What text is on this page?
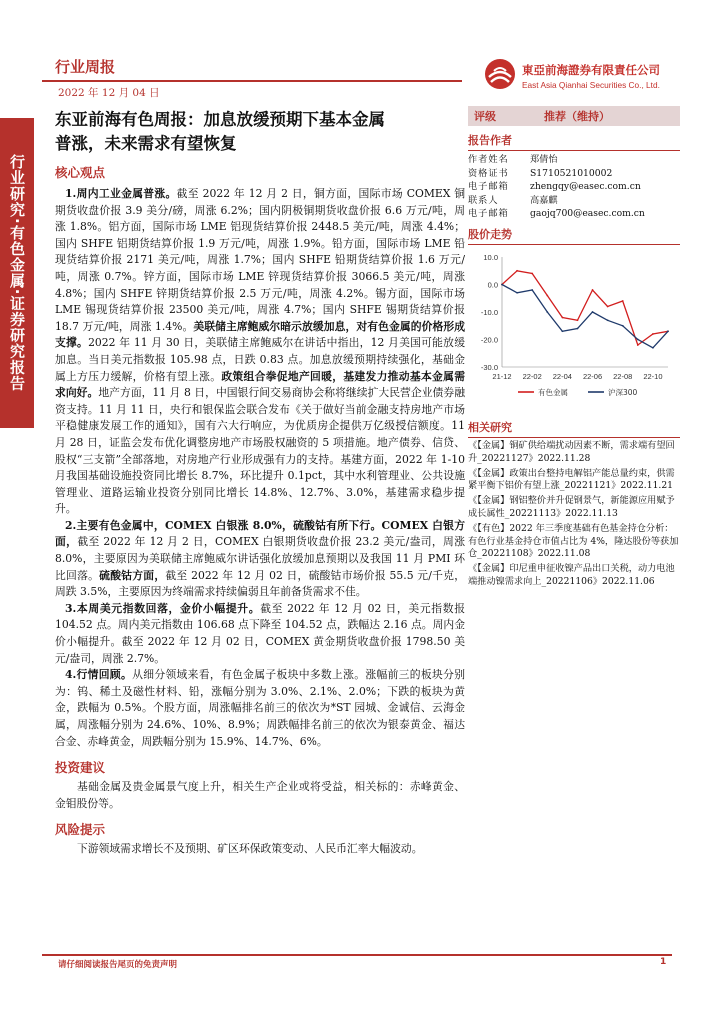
行业周报
2022 年 12 月 04 日
東亞前海證券有限責任公司
East Asia Qianhai Securities Co., Ltd.
行业研究·有色金属·证券研究报告
东亚前海有色周报：加息放缓预期下基本金属
普涨，未来需求有望恢复
核心观点

1.周内工业金属普涨。截至 2022 年 12 月 2 日，铜方面，国际市场 COMEX 铜期货收盘价报 3.9 美分/磅，周涨 6.2%；国内阴极铜期货收盘价报 6.6 万元/吨，周涨 1.8%。铝方面，国际市场 LME 铝现货结算价报 2448.5 美元/吨，周涨 4.4%；国内 SHFE 铝期货结算价报 1.9 万元/吨，周涨 1.9%。铅方面，国际市场 LME 铅现货结算价报 2171 美元/吨，周涨 1.7%；国内 SHFE 铅期货结算价报 1.6 万元/吨，周涨 0.7%。锌方面，国际市场 LME 锌现货结算价报 3066.5 美元/吨，周涨 4.8%；国内 SHFE 锌期货结算价报 2.5 万元/吨，周涨 4.2%。锡方面，国际市场 LME 锡现货结算价报 23500 美元/吨，周涨 4.7%；国内 SHFE 锡期货结算价报 18.7 万元/吨，周涨 1.4%。美联储主席鲍威尔暗示放缓加息，对有色金属的价格形成支撑。2022 年 11 月 30 日，美联储主席鲍威尔在讲话中指出，12 月美国可能放缓加息。当日美元指数报 105.98 点，日跌 0.83 点。加息放缓预期持续强化，基础金属上方压力缓解，价格有望上涨。政策组合拳促地产回暖，基建发力推动基本金属需求向好。地产方面，11 月 8 日，中国银行间交易商协会称将继续扩大民营企业债券融资支持。11 月 11 日，央行和银保监会联合发布《关于做好当前金融支持房地产市场平稳健康发展工作的通知》，国有六大行响应，为优质房企提供万亿级授信额度。11 月 28 日，证监会发布优化调整房地产市场股权融资的 5 项措施。地产债券、信贷、股权“三支箭”全部落地，对房地产行业形成强有力的支持。基建方面，2022 年 1-10 月我国基础设施投资同比增长 8.7%，环比提升 0.1pct，其中水利管理业、公共设施管理业、道路运输业投资分别同比增长 14.8%、12.7%、3.0%，基建需求稳步提升。

2.主要有色金属中，COMEX 白银涨 8.0%，硫酸钴有所下行。COMEX 白银方面，截至 2022 年 12 月 2 日，COMEX 白银期货收盘价报 23.2 美元/盎司，周涨 8.0%，主要原因为美联储主席鲍威尔讲话强化放缓加息预期以及我国 11 月 PMI 环比回落。硫酸钴方面，截至 2022 年 12 月 02 日，硫酸钴市场价报 55.5 元/千克，周跌 3.5%，主要原因为终端需求持续偏弱且年前备货需求不佳。

3.本周美元指数回落，金价小幅提升。截至 2022 年 12 月 02 日，美元指数报 104.52 点。周内美元指数由 106.68 点下降至 104.52 点，跌幅达 2.16 点。周内金价小幅提升。截至 2022 年 12 月 02 日，COMEX 黄金期货收盘价报 1798.50 美元/盎司，周涨 2.7%。

4.行情回顾。从细分领域来看，有色金属子板块中多数上涨。涨幅前三的板块分别为：钨、稀土及磁性材料、铅，涨幅分别为 3.0%、2.1%、2.0%；下跌的板块为黄金，跌幅为 0.5%。个股方面，周涨幅排名前三的依次为*ST 园城、金诚信、云海金属，周涨幅分别为 24.6%、10%、8.9%；周跌幅排名前三的依次为银泰黄金、福达合金、赤峰黄金，周跌幅分别为 15.9%、14.7%、6%。

投资建议

基础金属及贵金属景气度上升，相关生产企业或将受益，相关标的：赤峰黄金、金钼股份等。

风险提示

下游领域需求增长不及预期、矿区环保政策变动、人民币汇率大幅波动。

评级	推荐（维持）
报告作者
作者姓名	郑倩怡
资格证书	S1710521010002
电子邮箱	zhengqy@easec.com.cn
联系人	高嘉麒
电子邮箱	gaojq700@easec.com.cn
股价走势
10.0
0.0
-10.0
-20.0
-30.0
21-12 22-02 22-04 22-06 22-08 22-10
有色金属	沪深300
相关研究

《【金属】铜矿供给端扰动因素不断，需求端有望回升_20221127》2022.11.28

《【金属】政策出台整持电解铝产能总量约束，供需紧平衡下铝价有望上涨_20221121》2022.11.21

《【金属】钢铝整价并升促钢景气，新能源应用赋予成长属性_20221113》2022.11.13

《【有色】2022 年三季度基础有色基金持仓分析：有色行业基金持仓市值占比为 4%，隆达股份等获加仓_20221108》2022.11.08

《【金属】印尼重申征收镍产品出口关税，动力电池端推动镍需求向上_20221106》2022.11.06

请仔细阅读报告尾页的免责声明	1
